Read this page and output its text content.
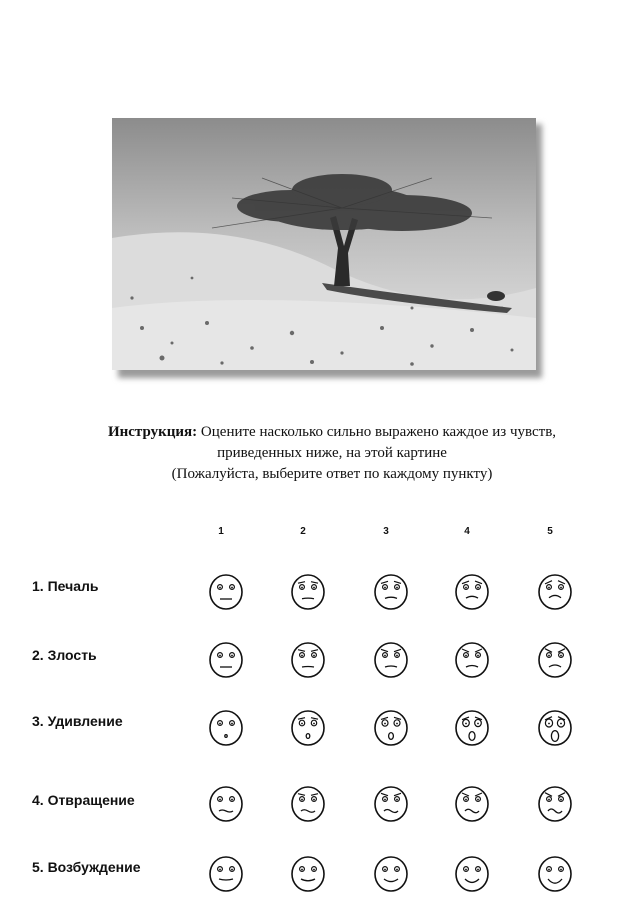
Инструкция: Оцените насколько сильно выражено каждое из чувств,
приведенных ниже, на этой картине
(Пожалуйста, выберите ответ по каждому пункту)
1	2	3	4	5
1. Печаль
2. Злость
3. Удивление
4. Отвращение
5. Возбуждение
